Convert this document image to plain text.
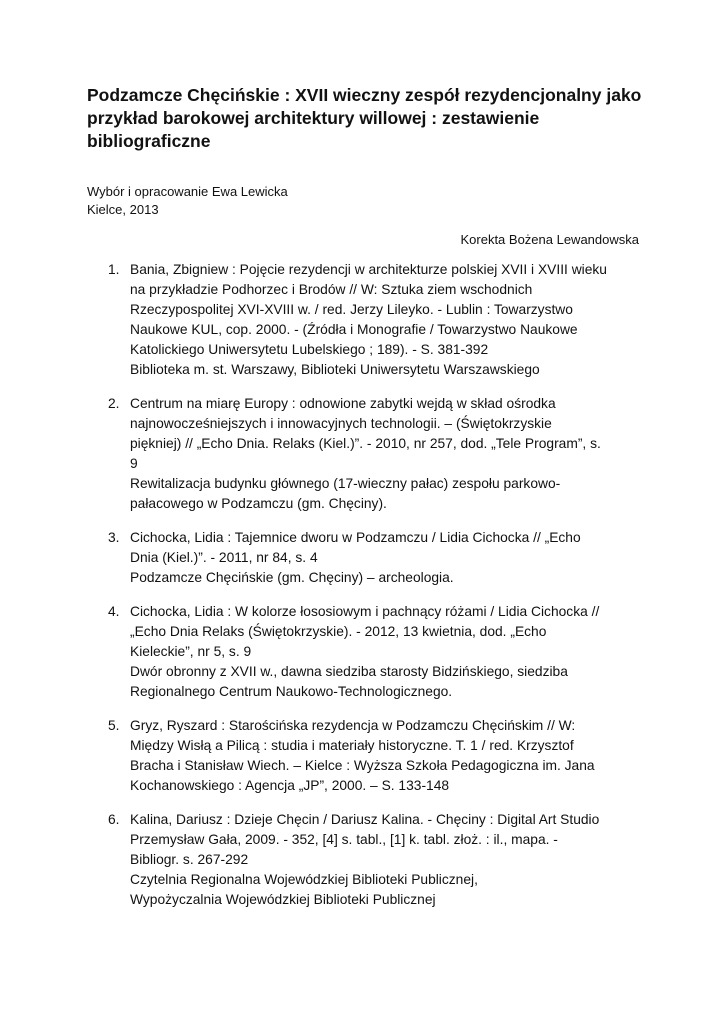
Podzamcze Chęcińskie : XVII wieczny zespół rezydencjonalny jako
przykład barokowej architektury willowej : zestawienie
bibliograficzne
Wybór i opracowanie Ewa Lewicka
Kielce, 2013
Korekta Bożena Lewandowska
1. Bania, Zbigniew : Pojęcie rezydencji w architekturze polskiej XVII i XVIII wieku
na przykładzie Podhorzec i Brodów // W: Sztuka ziem wschodnich
Rzeczypospolitej XVI-XVIII w. / red. Jerzy Lileyko. - Lublin : Towarzystwo
Naukowe KUL, cop. 2000. - (Źródła i Monografie / Towarzystwo Naukowe
Katolickiego Uniwersytetu Lubelskiego ; 189). - S. 381-392
Biblioteka m. st. Warszawy, Biblioteki Uniwersytetu Warszawskiego
2. Centrum na miarę Europy : odnowione zabytki wejdą w skład ośrodka
najnowocześniejszych i innowacyjnych technologii. – (Świętokrzyskie
piękniej) // „Echo Dnia. Relaks (Kiel.)”. - 2010, nr 257, dod. „Tele Program”, s.
9
Rewitalizacja budynku głównego (17-wieczny pałac) zespołu parkowo-
pałacowego w Podzamczu (gm. Chęciny).
3. Cichocka, Lidia : Tajemnice dworu w Podzamczu / Lidia Cichocka // „Echo
Dnia (Kiel.)”. - 2011, nr 84, s. 4
Podzamcze Chęcińskie (gm. Chęciny) – archeologia.
4. Cichocka, Lidia : W kolorze łososiowym i pachnący różami / Lidia Cichocka //
„Echo Dnia Relaks (Świętokrzyskie). - 2012, 13 kwietnia, dod. „Echo
Kieleckie”, nr 5, s. 9
Dwór obronny z XVII w., dawna siedziba starosty Bidzińskiego, siedziba
Regionalnego Centrum Naukowo-Technologicznego.
5. Gryz, Ryszard : Starościńska rezydencja w Podzamczu Chęcińskim // W:
Między Wisłą a Pilicą : studia i materiały historyczne. T. 1 / red. Krzysztof
Bracha i Stanisław Wiech. – Kielce : Wyższa Szkoła Pedagogiczna im. Jana
Kochanowskiego : Agencja „JP”, 2000. – S. 133-148
6. Kalina, Dariusz : Dzieje Chęcin / Dariusz Kalina. - Chęciny : Digital Art Studio
Przemysław Gała, 2009. - 352, [4] s. tabl., [1] k. tabl. złoż. : il., mapa. -
Bibliogr. s. 267-292
Czytelnia Regionalna Wojewódzkiej Biblioteki Publicznej,
Wypożyczalnia Wojewódzkiej Biblioteki Publicznej
